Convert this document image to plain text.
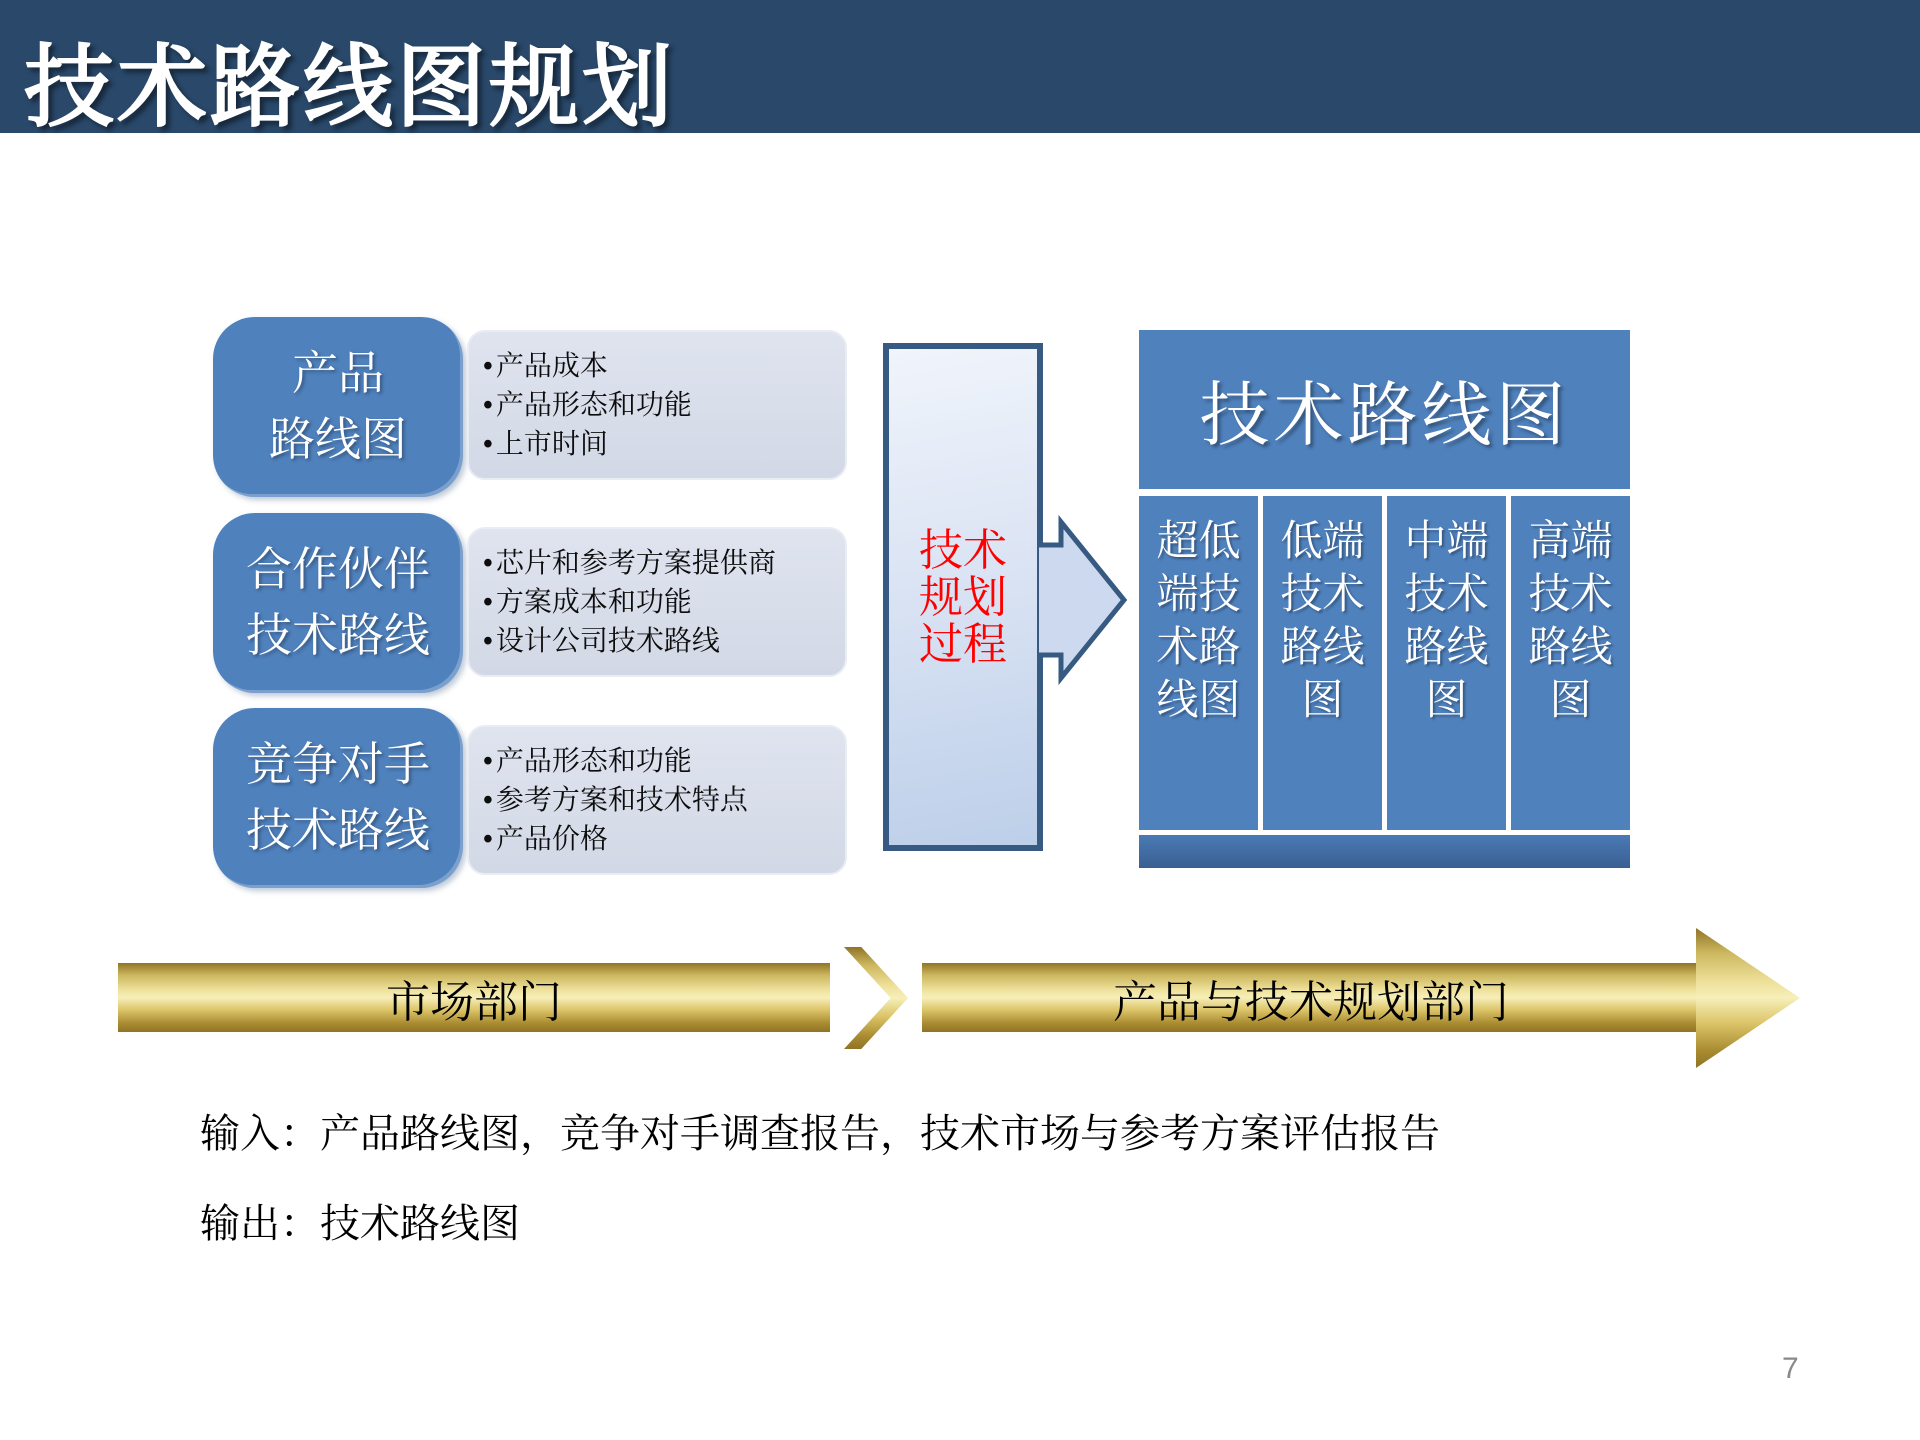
技术路线图规划
产品
路线图
合作伙伴
技术路线
竞争对手
技术路线
• 产品成本
• 产品形态和功能
• 上市时间
• 芯片和参考方案提供商
• 方案成本和功能
• 设计公司技术路线
• 产品形态和功能
• 参考方案和技术特点
• 产品价格
技术
规划
过程
技术路线图
超低
端技
术路
线图
低端
技术
路线
图
中端
技术
路线
图
高端
技术
路线
图
市场部门	产品与技术规划部门
输入：产品路线图，竞争对手调查报告，技术市场与参考方案评估报告
输出：技术路线图
7
